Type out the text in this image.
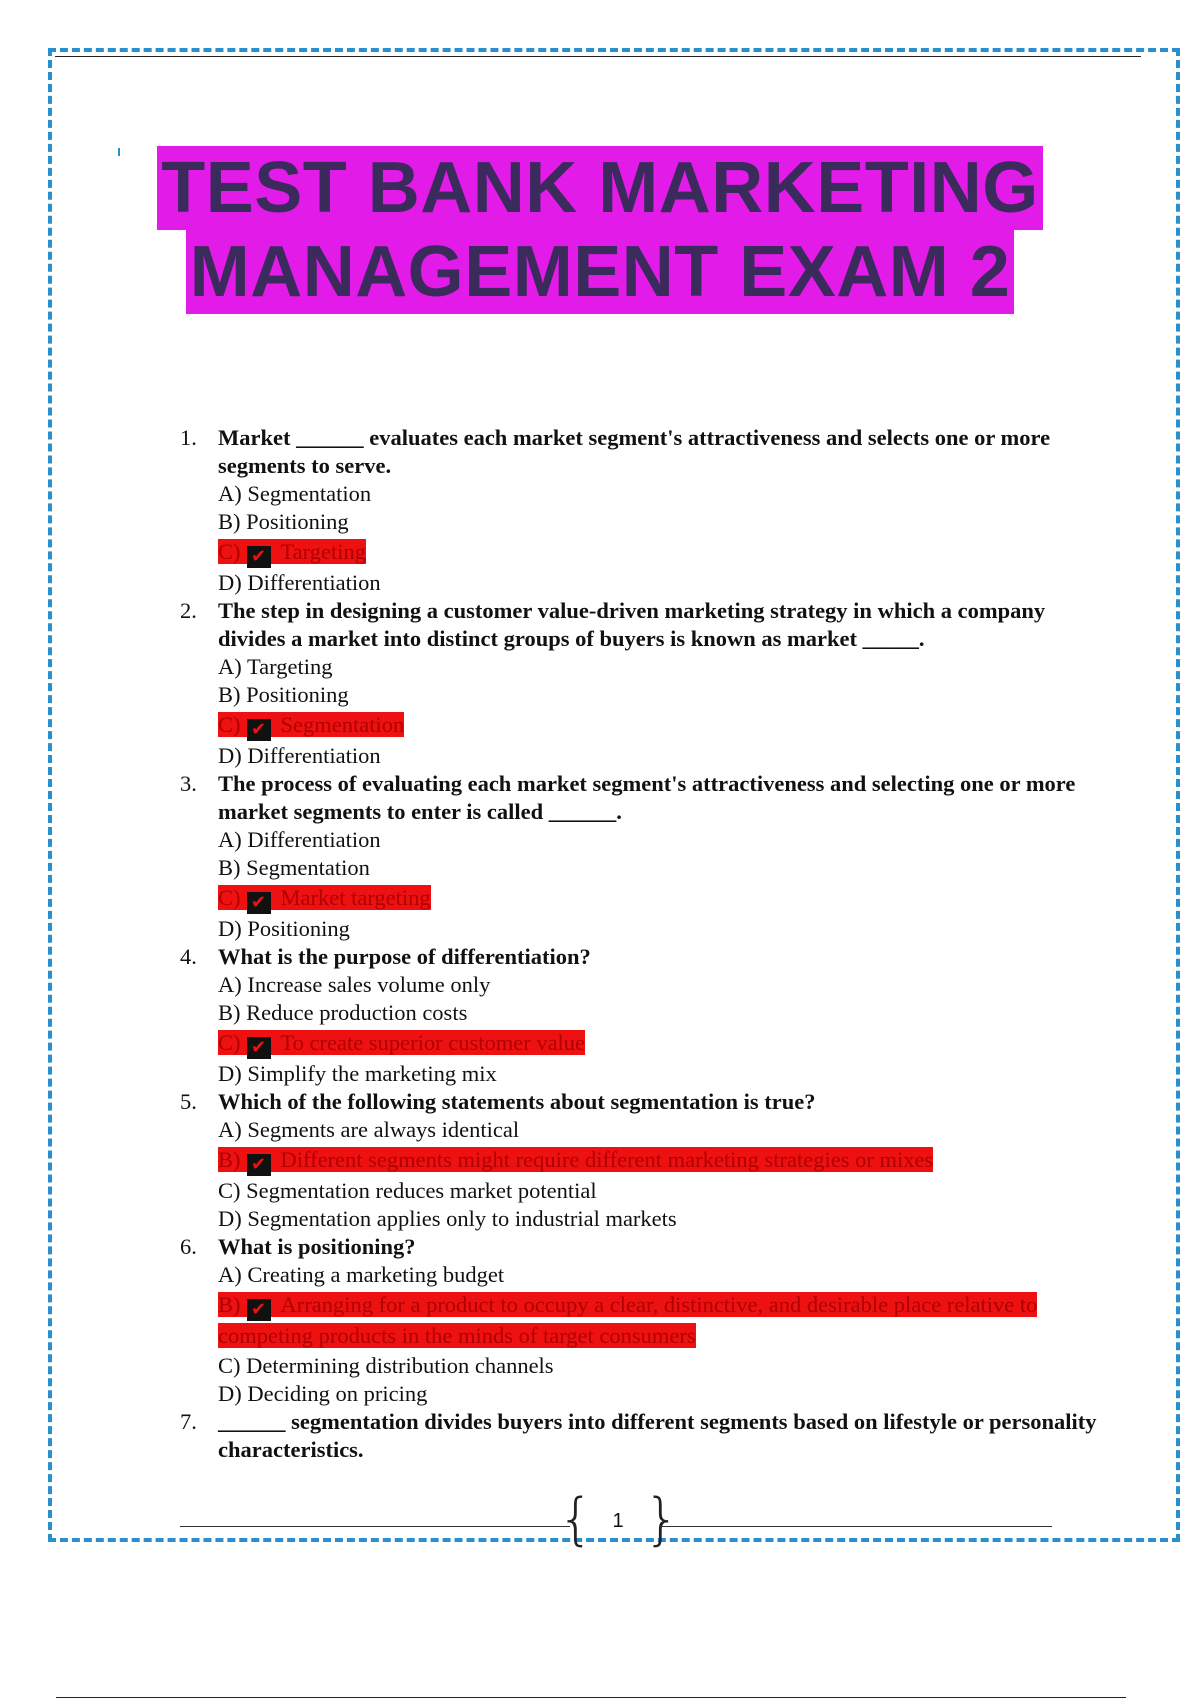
TEST BANK MARKETING
MANAGEMENT EXAM 2
1. Market ______ evaluates each market segment's attractiveness and selects one or more segments to serve.
A) Segmentation
B) Positioning
C) ✔ Targeting
D) Differentiation
2. The step in designing a customer value-driven marketing strategy in which a company divides a market into distinct groups of buyers is known as market _____.
A) Targeting
B) Positioning
C) ✔ Segmentation
D) Differentiation
3. The process of evaluating each market segment's attractiveness and selecting one or more market segments to enter is called ______.
A) Differentiation
B) Segmentation
C) ✔ Market targeting
D) Positioning
4. What is the purpose of differentiation?
A) Increase sales volume only
B) Reduce production costs
C) ✔ To create superior customer value
D) Simplify the marketing mix
5. Which of the following statements about segmentation is true?
A) Segments are always identical
B) ✔ Different segments might require different marketing strategies or mixes
C) Segmentation reduces market potential
D) Segmentation applies only to industrial markets
6. What is positioning?
A) Creating a marketing budget
B) ✔ Arranging for a product to occupy a clear, distinctive, and desirable place relative to competing products in the minds of target consumers
C) Determining distribution channels
D) Deciding on pricing
7. ______ segmentation divides buyers into different segments based on lifestyle or personality characteristics.
{ 1 }
